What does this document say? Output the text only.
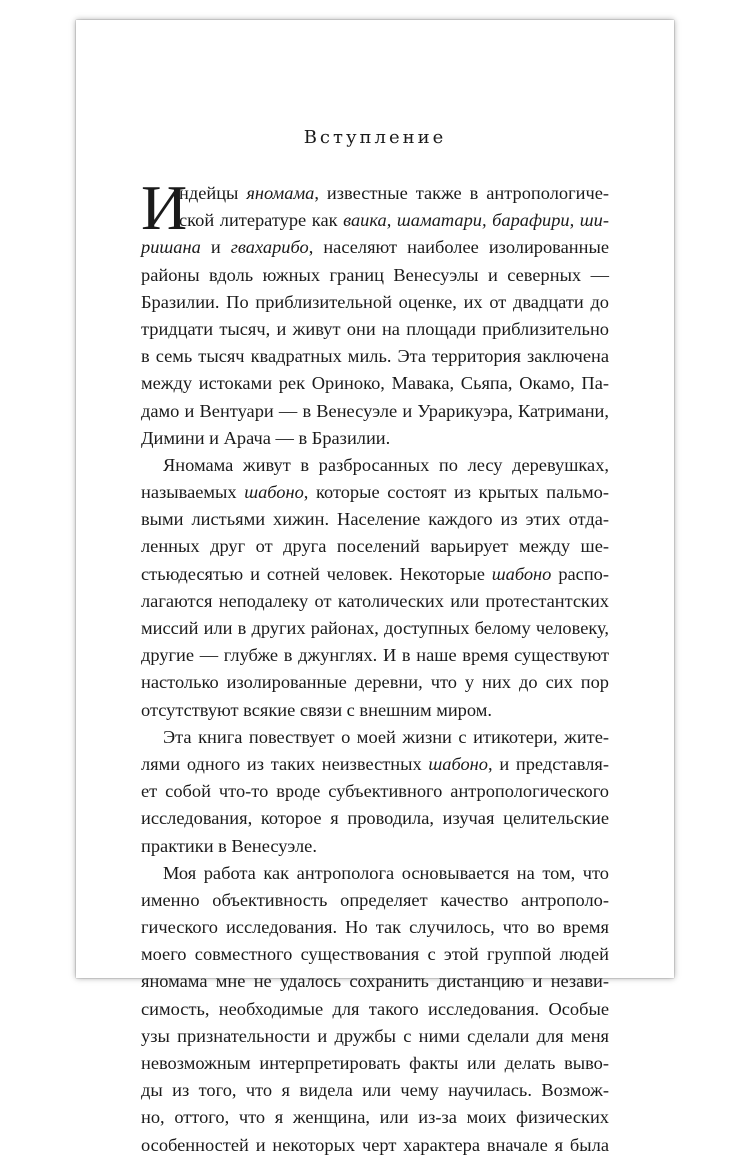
Вступление
И
ндейцы яномама, известные также в антропологиче-
ской литературе как ваика, шаматари, барафири, ши-
ришана и гвахарибо, населяют наиболее изолированные
районы вдоль южных границ Венесуэлы и северных —
Бразилии. По приблизительной оценке, их от двадцати до
тридцати тысяч, и живут они на площади приблизительно
в семь тысяч квадратных миль. Эта территория заключена
между истоками рек Ориноко, Мавака, Сьяпа, Окамо, Па-
дамо и Вентуари — в Венесуэле и Урарикуэра, Катримани,
Димини и Арача — в Бразилии.
Яномама живут в разбросанных по лесу деревушках,
называемых шабоно, которые состоят из крытых пальмо-
выми листьями хижин. Население каждого из этих отда-
ленных друг от друга поселений варьирует между ше-
стьюдесятью и сотней человек. Некоторые шабоно распо-
лагаются неподалеку от католических или протестантских
миссий или в других районах, доступных белому человеку,
другие — глубже в джунглях. И в наше время существуют
настолько изолированные деревни, что у них до сих пор
отсутствуют всякие связи с внешним миром.
Эта книга повествует о моей жизни с итикотери, жите-
лями одного из таких неизвестных шабоно, и представля-
ет собой что-то вроде субъективного антропологического
исследования, которое я проводила, изучая целительские
практики в Венесуэле.
Моя работа как антрополога основывается на том, что
именно объективность определяет качество антрополо-
гического исследования. Но так случилось, что во время
моего совместного существования с этой группой людей
яномама мне не удалось сохранить дистанцию и незави-
симость, необходимые для такого исследования. Особые
узы признательности и дружбы с ними сделали для меня
невозможным интерпретировать факты или делать выво-
ды из того, что я видела или чему научилась. Возмож-
но, оттого, что я женщина, или из-за моих физических
особенностей и некоторых черт характера вначале я была
